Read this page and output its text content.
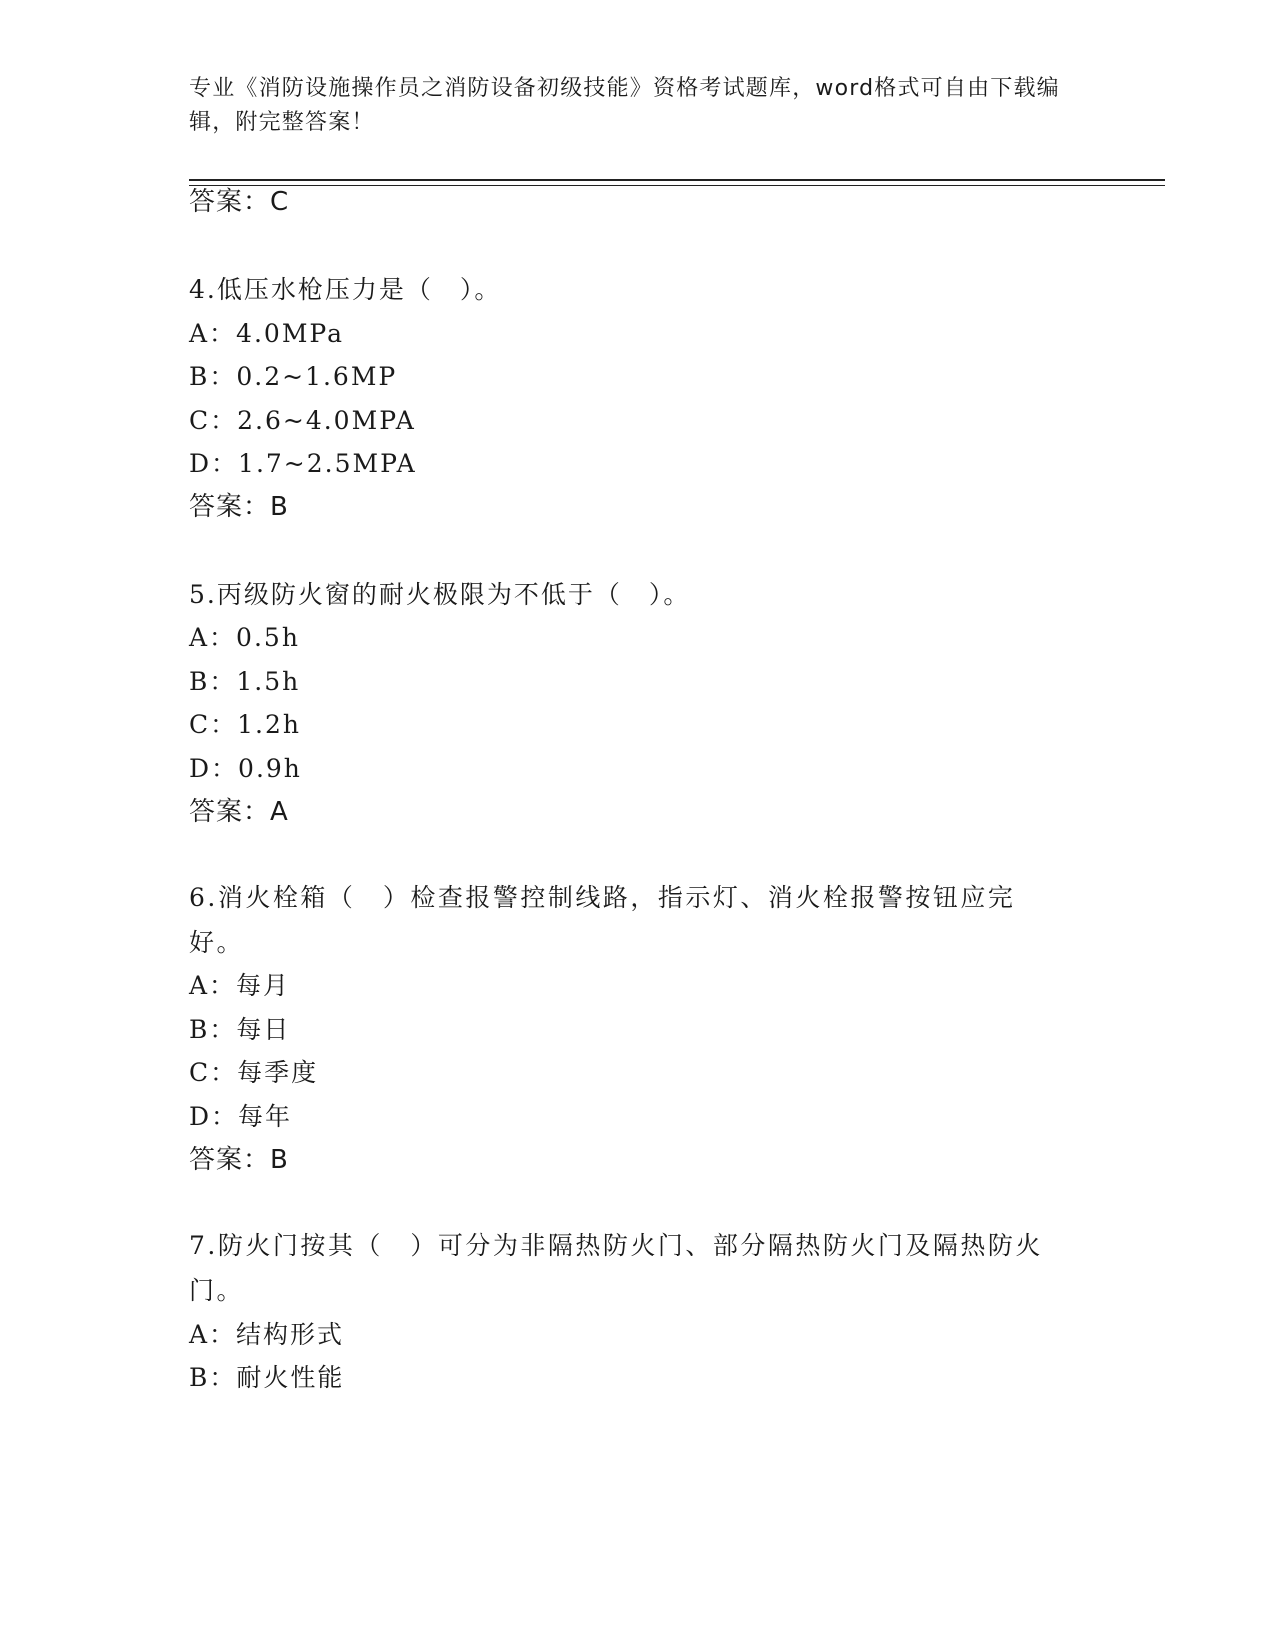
专业《消防设施操作员之消防设备初级技能》资格考试题库，word格式可自由下载编辑，附完整答案！
答案：C
4.低压水枪压力是（　）。
A：4.0MPa
B：0.2~1.6MP
C：2.6~4.0MPA
D：1.7~2.5MPA
答案：B
5.丙级防火窗的耐火极限为不低于（　）。
A：0.5h
B：1.5h
C：1.2h
D：0.9h
答案：A
6.消火栓箱（　）检查报警控制线路，指示灯、消火栓报警按钮应完好。
A：每月
B：每日
C：每季度
D：每年
答案：B
7.防火门按其（　）可分为非隔热防火门、部分隔热防火门及隔热防火门。
A：结构形式
B：耐火性能
